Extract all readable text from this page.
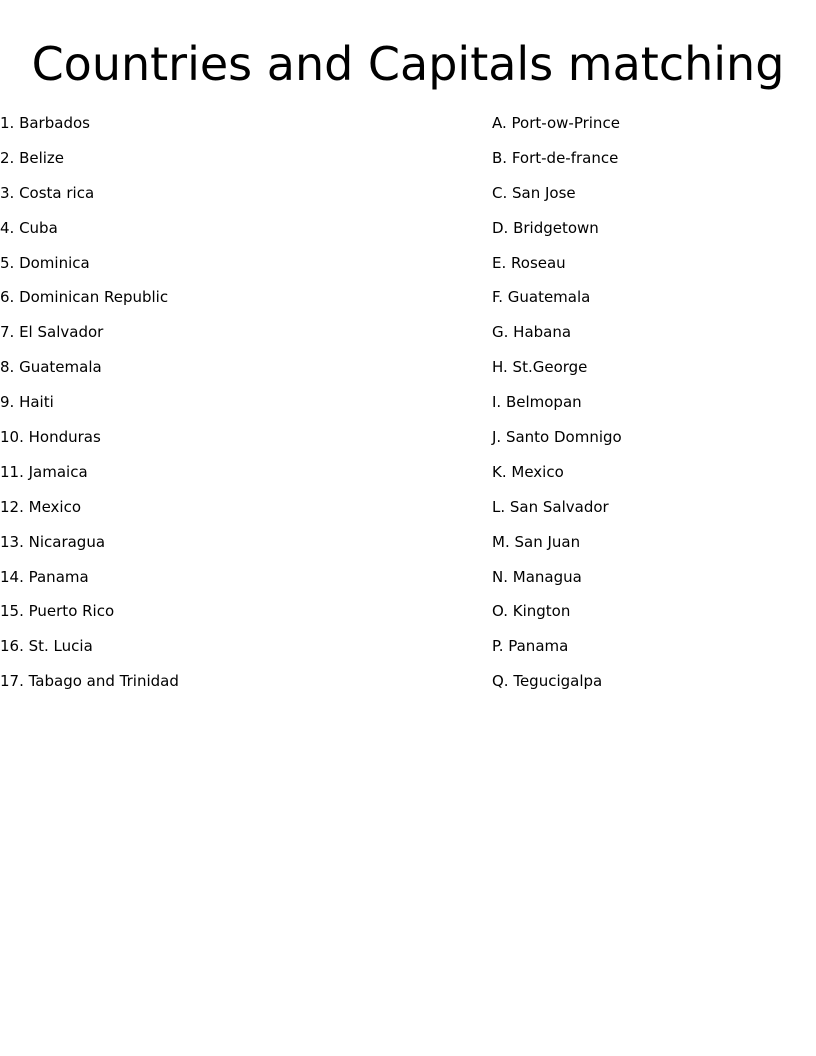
Countries and Capitals matching
1. Barbados
2. Belize
3. Costa rica
4. Cuba
5. Dominica
6. Dominican Republic
7. El Salvador
8. Guatemala
9. Haiti
10. Honduras
11. Jamaica
12. Mexico
13. Nicaragua
14. Panama
15. Puerto Rico
16. St. Lucia
17. Tabago and Trinidad
A. Port-ow-Prince
B. Fort-de-france
C. San Jose
D. Bridgetown
E. Roseau
F. Guatemala
G. Habana
H. St.George
I. Belmopan
J. Santo Domnigo
K. Mexico
L. San Salvador
M. San Juan
N. Managua
O. Kington
P. Panama
Q. Tegucigalpa
